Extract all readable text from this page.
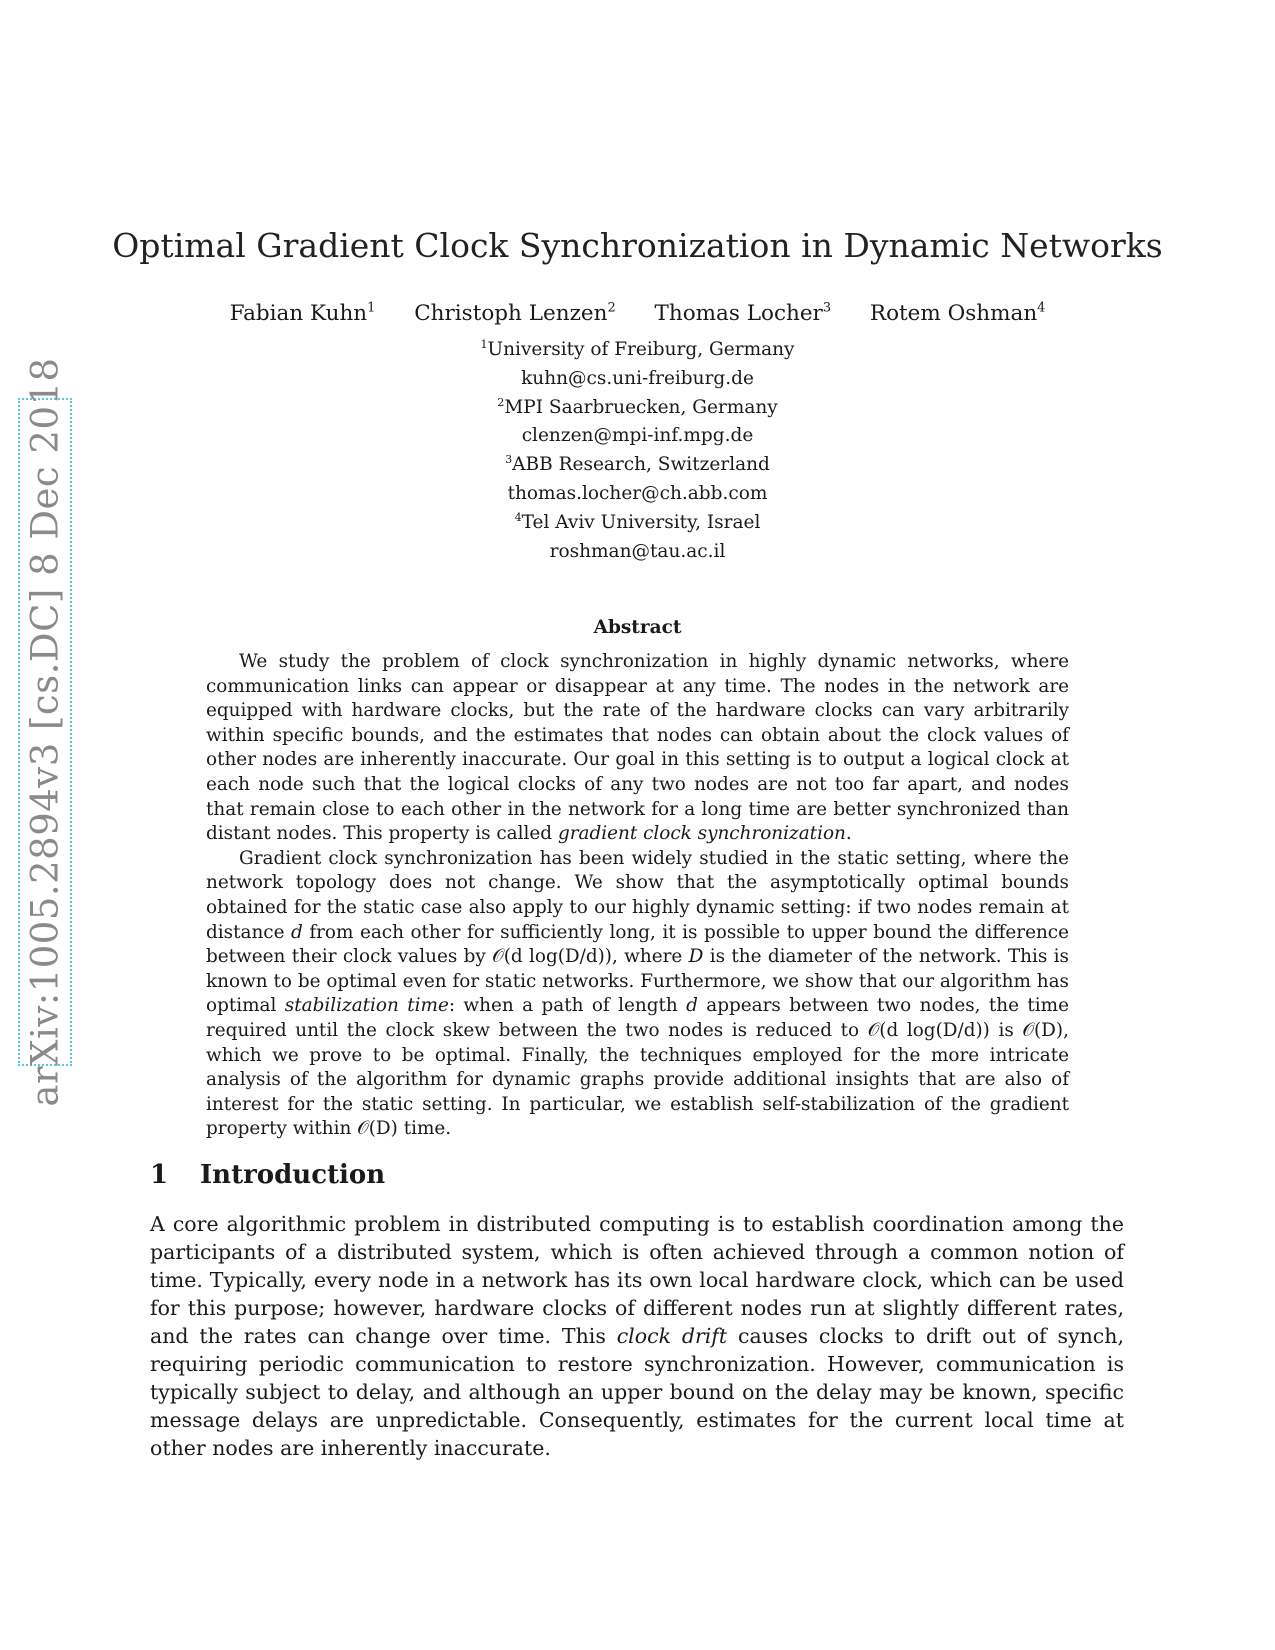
arXiv:1005.2894v3 [cs.DC] 8 Dec 2018
Optimal Gradient Clock Synchronization in Dynamic Networks
Fabian Kuhn$^1$ Christoph Lenzen$^2$ Thomas Locher$^3$ Rotem Oshman$^4$
$^1$University of Freiburg, Germany
kuhn@cs.uni-freiburg.de
$^2$MPI Saarbruecken, Germany
clenzen@mpi-inf.mpg.de
$^3$ABB Research, Switzerland
thomas.locher@ch.abb.com
$^4$Tel Aviv University, Israel
roshman@tau.ac.il
Abstract

We study the problem of clock synchronization in highly dynamic networks, where communication links can appear or disappear at any time. The nodes in the network are equipped with hardware clocks, but the rate of the hardware clocks can vary arbitrarily within specific bounds, and the estimates that nodes can obtain about the clock values of other nodes are inherently inaccurate. Our goal in this setting is to output a logical clock at each node such that the logical clocks of any two nodes are not too far apart, and nodes that remain close to each other in the network for a long time are better synchronized than distant nodes. This property is called gradient clock synchronization.

Gradient clock synchronization has been widely studied in the static setting, where the network topology does not change. We show that the asymptotically optimal bounds obtained for the static case also apply to our highly dynamic setting: if two nodes remain at distance d from each other for sufficiently long, it is possible to upper bound the difference between their clock values by 𝒪(d log(D/d)), where D is the diameter of the network. This is known to be optimal even for static networks. Furthermore, we show that our algorithm has optimal stabilization time: when a path of length d appears between two nodes, the time required until the clock skew between the two nodes is reduced to 𝒪(d log(D/d)) is 𝒪(D), which we prove to be optimal. Finally, the techniques employed for the more intricate analysis of the algorithm for dynamic graphs provide additional insights that are also of interest for the static setting. In particular, we establish self-stabilization of the gradient property within 𝒪(D) time.

1 Introduction

A core algorithmic problem in distributed computing is to establish coordination among the participants of a distributed system, which is often achieved through a common notion of time. Typically, every node in a network has its own local hardware clock, which can be used for this purpose; however, hardware clocks of different nodes run at slightly different rates, and the rates can change over time. This clock drift causes clocks to drift out of synch, requiring periodic communication to restore synchronization. However, communication is typically subject to delay, and although an upper bound on the delay may be known, specific message delays are unpredictable. Consequently, estimates for the current local time at other nodes are inherently inaccurate.
